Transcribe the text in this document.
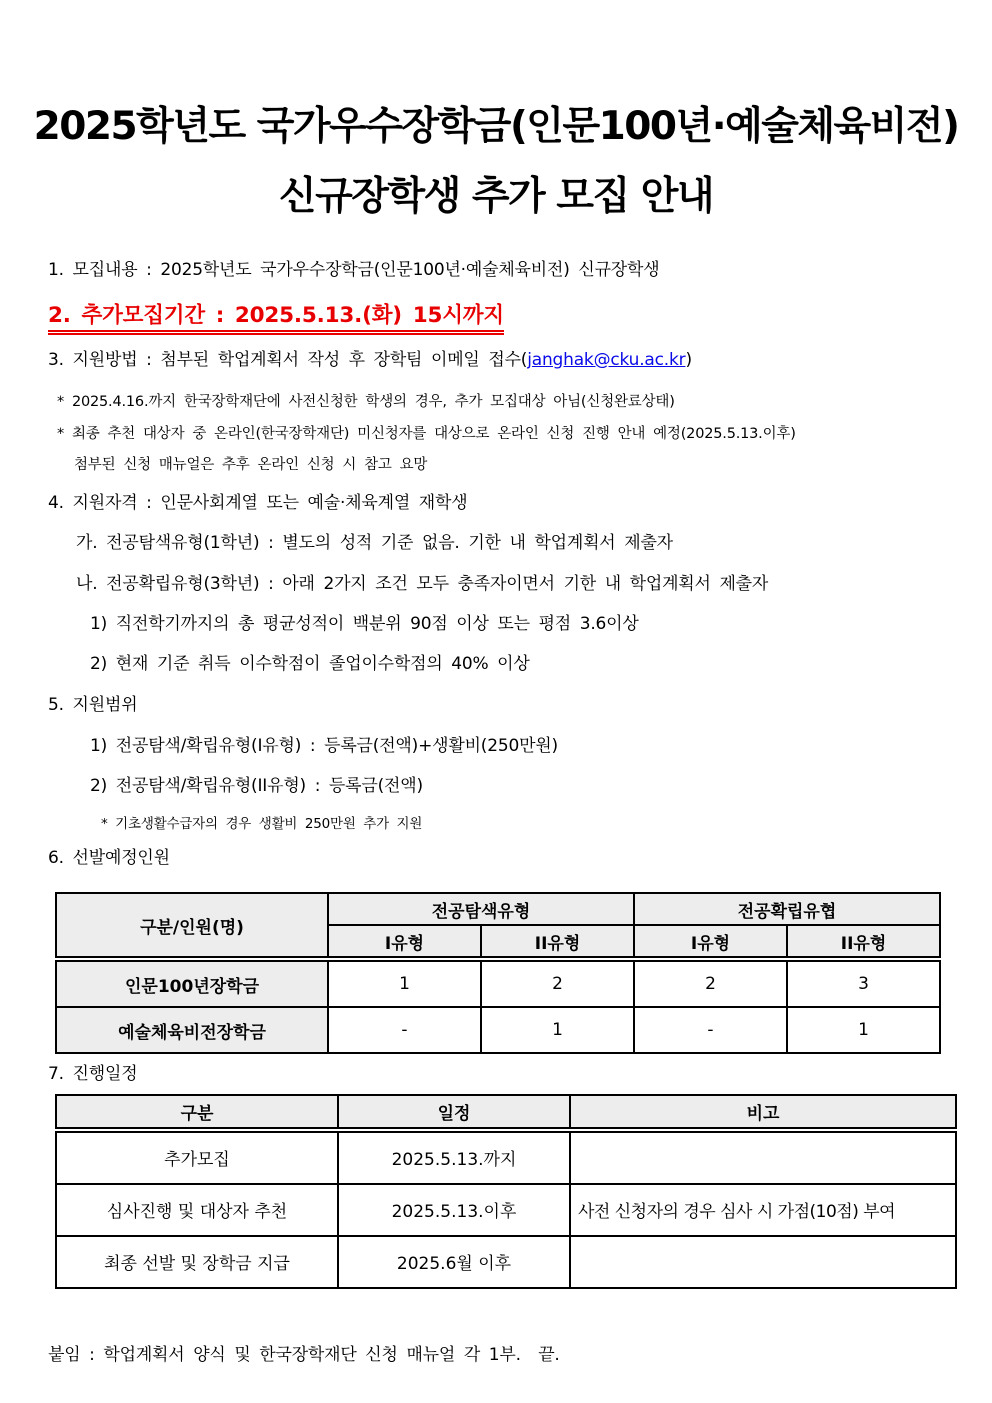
2025학년도 국가우수장학금(인문100년·예술체육비전)
신규장학생 추가 모집 안내
1. 모집내용 : 2025학년도 국가우수장학금(인문100년·예술체육비전) 신규장학생
2. 추가모집기간 : 2025.5.13.(화) 15시까지
3. 지원방법 : 첨부된 학업계획서 작성 후 장학팀 이메일 접수(janghak@cku.ac.kr)
* 2025.4.16.까지 한국장학재단에 사전신청한 학생의 경우, 추가 모집대상 아님(신청완료상태)
* 최종 추천 대상자 중 온라인(한국장학재단) 미신청자를 대상으로 온라인 신청 진행 안내 예정(2025.5.13.이후)
첨부된 신청 매뉴얼은 추후 온라인 신청 시 참고 요망
4. 지원자격 : 인문사회계열 또는 예술·체육계열 재학생
가. 전공탐색유형(1학년) : 별도의 성적 기준 없음. 기한 내 학업계획서 제출자
나. 전공확립유형(3학년) : 아래 2가지 조건 모두 충족자이면서 기한 내 학업계획서 제출자
1) 직전학기까지의 총 평균성적이 백분위 90점 이상 또는 평점 3.6이상
2) 현재 기준 취득 이수학점이 졸업이수학점의 40% 이상
5. 지원범위
1) 전공탐색/확립유형(I유형) : 등록금(전액)+생활비(250만원)
2) 전공탐색/확립유형(II유형) : 등록금(전액)
* 기초생활수급자의 경우 생활비 250만원 추가 지원
6. 선발예정인원
구분/인원(명)	전공탐색유형		전공확립유협	
	I유형	II유형	I유형	II유형
인문100년장학금	1	2	2	3
예술체육비전장학금	-	1	-	1
7. 진행일정
구분	일정	비고
추가모집	2025.5.13.까지	
심사진행 및 대상자 추천	2025.5.13.이후	사전 신청자의 경우 심사 시 가점(10점) 부여
최종 선발 및 장학금 지급	2025.6월 이후	
붙임 : 학업계획서 양식 및 한국장학재단 신청 매뉴얼 각 1부.  끝.
